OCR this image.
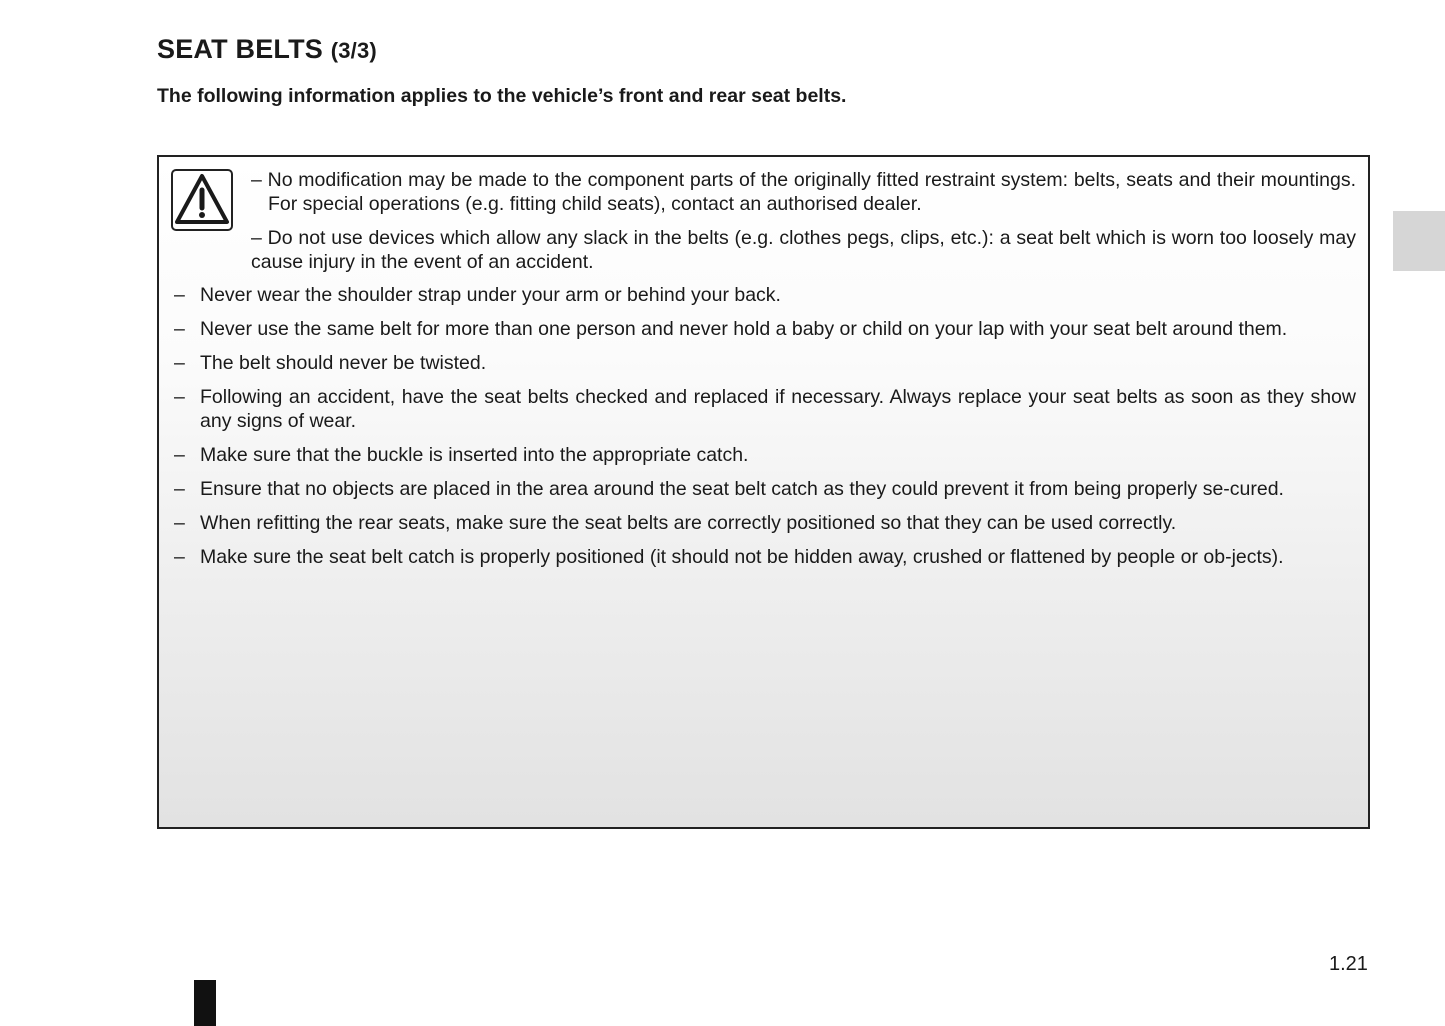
SEAT BELTS (3/3)

The following information applies to the vehicle’s front and rear seat belts.

– No modification may be made to the component parts of the originally fitted restraint system: belts, seats and their mountings. For special operations (e.g. fitting child seats), contact an authorised dealer.

– Do not use devices which allow any slack in the belts (e.g. clothes pegs, clips, etc.): a seat belt which is worn too loosely may cause injury in the event of an accident.

– Never wear the shoulder strap under your arm or behind your back.
– Never use the same belt for more than one person and never hold a baby or child on your lap with your seat belt around them.
– The belt should never be twisted.
– Following an accident, have the seat belts checked and replaced if necessary. Always replace your seat belts as soon as they show any signs of wear.
– Make sure that the buckle is inserted into the appropriate catch.
– Ensure that no objects are placed in the area around the seat belt catch as they could prevent it from being properly se-cured.
– When refitting the rear seats, make sure the seat belts are correctly positioned so that they can be used correctly.
– Make sure the seat belt catch is properly positioned (it should not be hidden away, crushed or flattened by people or ob-jects).
1.21
